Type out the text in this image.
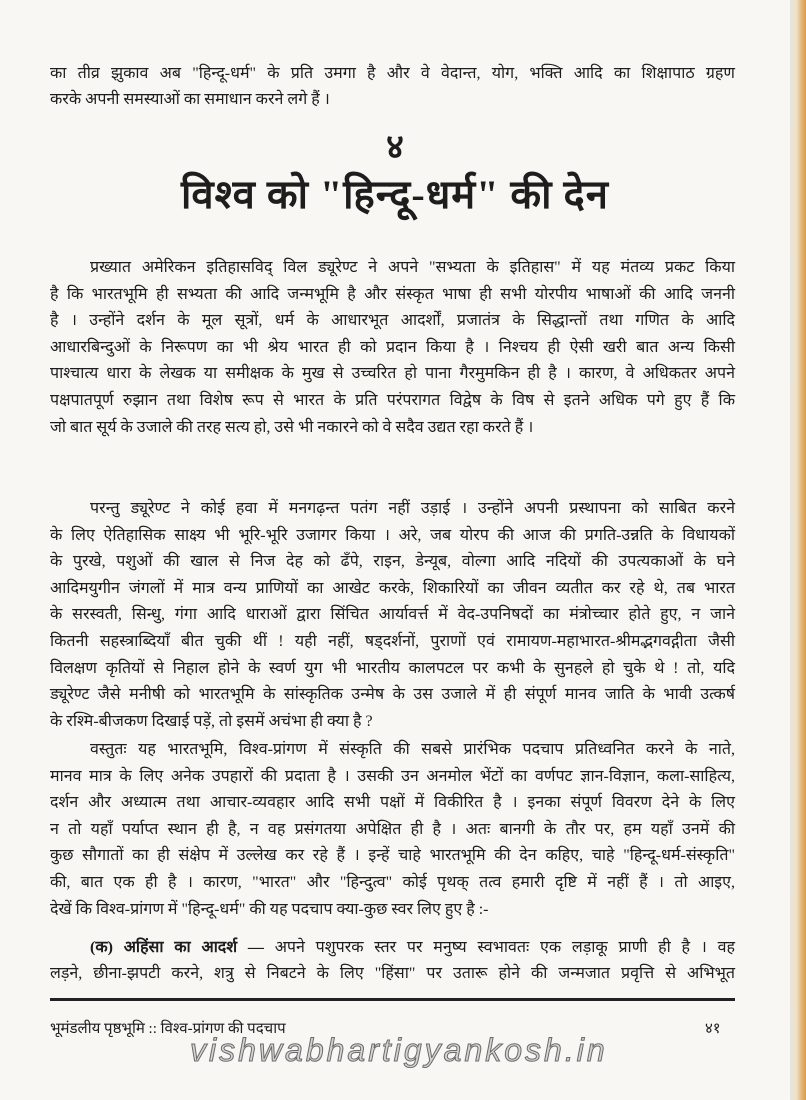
का तीव्र झुकाव अब "हिन्दू-धर्म" के प्रति उमगा है और वे वेदान्त, योग, भक्ति आदि का शिक्षापाठ ग्रहण
करके अपनी समस्याओं का समाधान करने लगे हैं ।
४
विश्व को "हिन्दू-धर्म" की देन
प्रख्यात अमेरिकन इतिहासविद् विल ड्यूरेण्ट ने अपने "सभ्यता के इतिहास" में यह मंतव्य प्रकट किया
है कि भारतभूमि ही सभ्यता की आदि जन्मभूमि है और संस्कृत भाषा ही सभी योरपीय भाषाओं की आदि जननी
है । उन्होंने दर्शन के मूल सूत्रों, धर्म के आधारभूत आदर्शों, प्रजातंत्र के सिद्धान्तों तथा गणित के आदि
आधारबिन्दुओं के निरूपण का भी श्रेय भारत ही को प्रदान किया है । निश्चय ही ऐसी खरी बात अन्य किसी
पाश्चात्य धारा के लेखक या समीक्षक के मुख से उच्चरित हो पाना गैरमुमकिन ही है । कारण, वे अधिकतर अपने
पक्षपातपूर्ण रुझान तथा विशेष रूप से भारत के प्रति परंपरागत विद्वेष के विष से इतने अधिक पगे हुए हैं कि
जो बात सूर्य के उजाले की तरह सत्य हो, उसे भी नकारने को वे सदैव उद्यत रहा करते हैं ।
परन्तु ड्यूरेण्ट ने कोई हवा में मनगढ़न्त पतंग नहीं उड़ाई । उन्होंने अपनी प्रस्थापना को साबित करने
के लिए ऐतिहासिक साक्ष्य भी भूरि-भूरि उजागर किया । अरे, जब योरप की आज की प्रगति-उन्नति के विधायकों
के पुरखे, पशुओं की खाल से निज देह को ढँपे, राइन, डेन्यूब, वोल्गा आदि नदियों की उपत्यकाओं के घने
आदिमयुगीन जंगलों में मात्र वन्य प्राणियों का आखेट करके, शिकारियों का जीवन व्यतीत कर रहे थे, तब भारत
के सरस्वती, सिन्धु, गंगा आदि धाराओं द्वारा सिंचित आर्यावर्त्त में वेद-उपनिषदों का मंत्रोच्चार होते हुए, न जाने
कितनी सहस्त्राब्दियाँ बीत चुकी थीं ! यही नहीं, षड्दर्शनों, पुराणों एवं रामायण-महाभारत-श्रीमद्भगवद्गीता जैसी
विलक्षण कृतियों से निहाल होने के स्वर्ण युग भी भारतीय कालपटल पर कभी के सुनहले हो चुके थे ! तो, यदि
ड्यूरेण्ट जैसे मनीषी को भारतभूमि के सांस्कृतिक उन्मेष के उस उजाले में ही संपूर्ण मानव जाति के भावी उत्कर्ष
के रश्मि-बीजकण दिखाई पड़ें, तो इसमें अचंभा ही क्या है ?
वस्तुतः यह भारतभूमि, विश्व-प्रांगण में संस्कृति की सबसे प्रारंभिक पदचाप प्रतिध्वनित करने के नाते,
मानव मात्र के लिए अनेक उपहारों की प्रदाता है । उसकी उन अनमोल भेंटों का वर्णपट ज्ञान-विज्ञान, कला-साहित्य,
दर्शन और अध्यात्म तथा आचार-व्यवहार आदि सभी पक्षों में विकीरित है । इनका संपूर्ण विवरण देने के लिए
न तो यहाँ पर्याप्त स्थान ही है, न वह प्रसंगतया अपेक्षित ही है । अतः बानगी के तौर पर, हम यहाँ उनमें की
कुछ सौगातों का ही संक्षेप में उल्लेख कर रहे हैं । इन्हें चाहे भारतभूमि की देन कहिए, चाहे "हिन्दू-धर्म-संस्कृति"
की, बात एक ही है । कारण, "भारत" और "हिन्दुत्व" कोई पृथक् तत्व हमारी दृष्टि में नहीं हैं । तो आइए,
देखें कि विश्व-प्रांगण में "हिन्दू-धर्म" की यह पदचाप क्या-कुछ स्वर लिए हुए है :-
(क) अहिंसा का आदर्श — अपने पशुपरक स्तर पर मनुष्य स्वभावतः एक लड़ाकू प्राणी ही है । वह
लड़ने, छीना-झपटी करने, शत्रु से निबटने के लिए "हिंसा" पर उतारू होने की जन्मजात प्रवृत्ति से अभिभूत
भूमंडलीय पृष्ठभूमि :: विश्व-प्रांगण की पदचाप	४१
vishwabhartigyankosh.in
